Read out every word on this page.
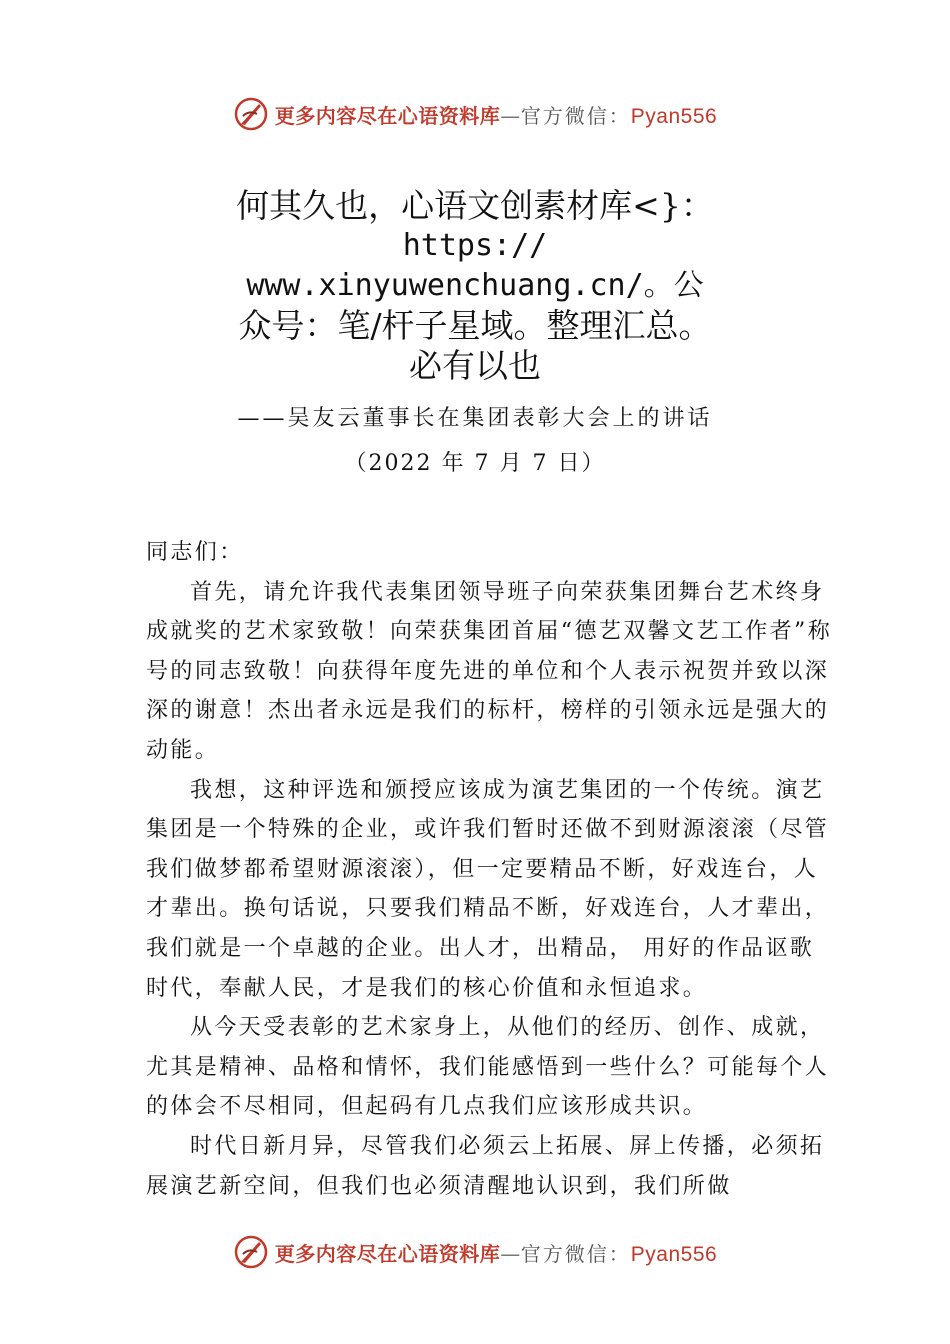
更多内容尽在心语资料库—官方微信：Pyan556
何其久也，心语文创素材库<}：
https://
www.xinyuwenchuang.cn/。公
众号：笔/杆子星域。整理汇总。
必有以也
——吴友云董事长在集团表彰大会上的讲话
（2022 年 7 月 7 日）

同志们：

首先，请允许我代表集团领导班子向荣获集团舞台艺术终身成就奖的艺术家致敬！向荣获集团首届“德艺双馨文艺工作者”称号的同志致敬！向获得年度先进的单位和个人表示祝贺并致以深深的谢意！杰出者永远是我们的标杆，榜样的引领永远是强大的动能。

我想，这种评选和颁授应该成为演艺集团的一个传统。演艺集团是一个特殊的企业，或许我们暂时还做不到财源滚滚（尽管我们做梦都希望财源滚滚），但一定要精品不断，好戏连台，人才辈出。换句话说，只要我们精品不断，好戏连台，人才辈出，我们就是一个卓越的企业。出人才，出精品， 用好的作品讴歌时代，奉献人民，才是我们的核心价值和永恒追求。

从今天受表彰的艺术家身上，从他们的经历、创作、成就，尤其是精神、品格和情怀，我们能感悟到一些什么？可能每个人的体会不尽相同，但起码有几点我们应该形成共识。

时代日新月异，尽管我们必须云上拓展、屏上传播，必须拓展演艺新空间，但我们也必须清醒地认识到，我们所做

更多内容尽在心语资料库—官方微信：Pyan556
